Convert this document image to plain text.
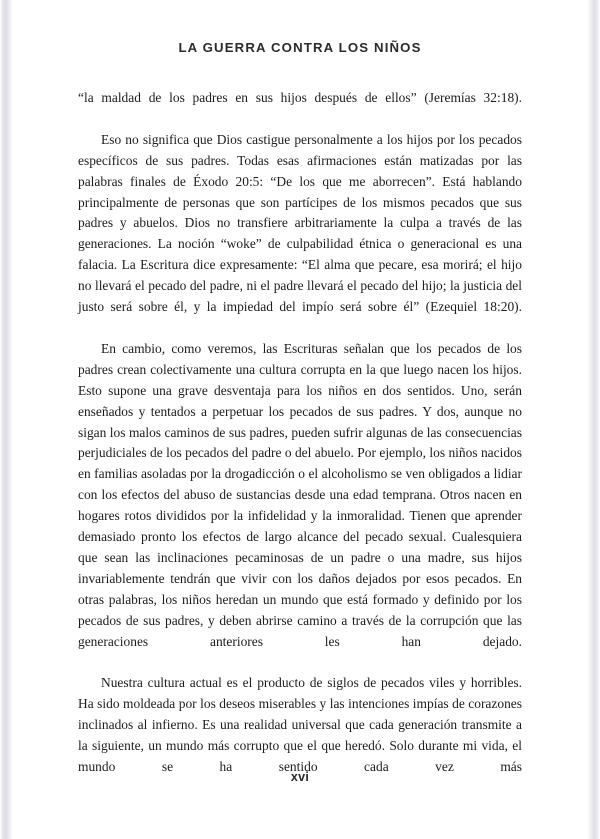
LA GUERRA CONTRA LOS NIÑOS

“la maldad de los padres en sus hijos después de ellos” (Jeremías 32:18).

Eso no significa que Dios castigue personalmente a los hijos por los pecados específicos de sus padres. Todas esas afirmaciones están matizadas por las palabras finales de Éxodo 20:5: “De los que me aborrecen”. Está hablando principalmente de personas que son partícipes de los mismos pecados que sus padres y abuelos. Dios no transfiere arbitrariamente la culpa a través de las generaciones. La noción “woke” de culpabilidad étnica o generacional es una falacia. La Escritura dice expresamente: “El alma que pecare, esa morirá; el hijo no llevará el pecado del padre, ni el padre llevará el pecado del hijo; la justicia del justo será sobre él, y la impiedad del impío será sobre él” (Ezequiel 18:20).

En cambio, como veremos, las Escrituras señalan que los pecados de los padres crean colectivamente una cultura corrupta en la que luego nacen los hijos. Esto supone una grave desventaja para los niños en dos sentidos. Uno, serán enseñados y tentados a perpetuar los pecados de sus padres. Y dos, aunque no sigan los malos caminos de sus padres, pueden sufrir algunas de las consecuencias perjudiciales de los pecados del padre o del abuelo. Por ejemplo, los niños nacidos en familias asoladas por la drogadicción o el alcoholismo se ven obligados a lidiar con los efectos del abuso de sustancias desde una edad temprana. Otros nacen en hogares rotos divididos por la infidelidad y la inmoralidad. Tienen que aprender demasiado pronto los efectos de largo alcance del pecado sexual. Cualesquiera que sean las inclinaciones pecaminosas de un padre o una madre, sus hijos invariablemente tendrán que vivir con los daños dejados por esos pecados. En otras palabras, los niños heredan un mundo que está formado y definido por los pecados de sus padres, y deben abrirse camino a través de la corrupción que las generaciones anteriores les han dejado.

Nuestra cultura actual es el producto de siglos de pecados viles y horribles. Ha sido moldeada por los deseos miserables y las intenciones impías de corazones inclinados al infierno. Es una realidad universal que cada generación transmite a la siguiente, un mundo más corrupto que el que heredó. Solo durante mi vida, el mundo se ha sentido cada vez más

xvi
